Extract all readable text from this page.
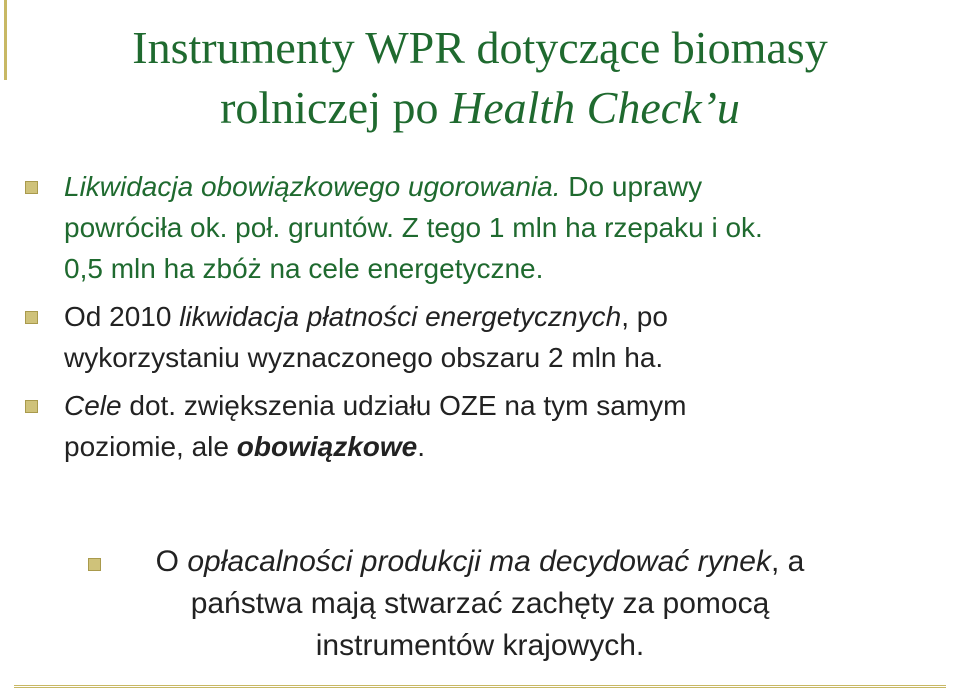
Instrumenty WPR dotyczące biomasy
rolniczej po Health Check’u
Likwidacja obowiązkowego ugorowania. Do uprawy
powróciła ok. poł. gruntów. Z tego 1 mln ha rzepaku i ok.
0,5 mln ha zbóż na cele energetyczne.
Od 2010 likwidacja płatności energetycznych, po
wykorzystaniu wyznaczonego obszaru 2 mln ha.
Cele dot. zwiększenia udziału OZE na tym samym
poziomie, ale obowiązkowe.
O opłacalności produkcji ma decydować rynek, a
państwa mają stwarzać zachęty za pomocą
instrumentów krajowych.
